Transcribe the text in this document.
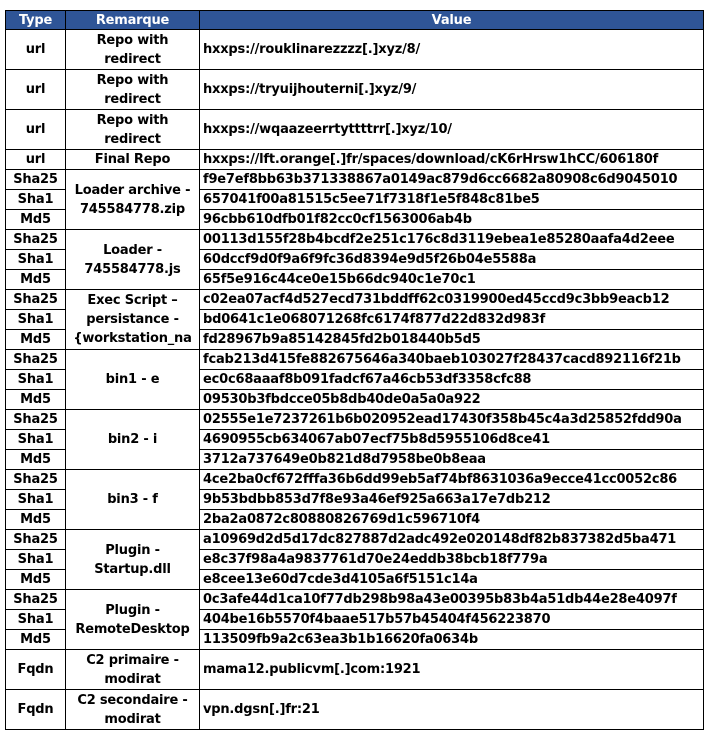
Type	Remarque	Value
url	Repo with redirect	hxxps://rouklinarezzzz[.]xyz/8/
url	Repo with redirect	hxxps://tryuijhouterni[.]xyz/9/
url	Repo with redirect	hxxps://wqaazeerrtyttttrr[.]xyz/10/
url	Final Repo	hxxps://lft.orange[.]fr/spaces/download/cK6rHrsw1hCC/606180f
Sha25	Loader archive - 745584778.zip	f9e7ef8bb63b371338867a0149ac879d6cc6682a80908c6d9045010
Sha1		657041f00a81515c5ee71f7318f1e5f848c81be5
Md5		96cbb610dfb01f82cc0cf1563006ab4b
Sha25	Loader - 745584778.js	00113d155f28b4bcdf2e251c176c8d3119ebea1e85280aafa4d2eee
Sha1		60dccf9d0f9a6f9fc36d8394e9d5f26b04e5588a
Md5		65f5e916c44ce0e15b66dc940c1e70c1
Sha25	Exec Script – persistance - {workstation_na	c02ea07acf4d527ecd731bddff62c0319900ed45ccd9c3bb9eacb12
Sha1		bd0641c1e068071268fc6174f877d22d832d983f
Md5		fd28967b9a85142845fd2b018440b5d5
Sha25	bin1 - e	fcab213d415fe882675646a340baeb103027f28437cacd892116f21b
Sha1		ec0c68aaaf8b091fadcf67a46cb53df3358cfc88
Md5		09530b3fbdcce05b8db40de0a5a0a922
Sha25	bin2 - i	02555e1e7237261b6b020952ead17430f358b45c4a3d25852fdd90a
Sha1		4690955cb634067ab07ecf75b8d5955106d8ce41
Md5		3712a737649e0b821d8d7958be0b8eaa
Sha25	bin3 - f	4ce2ba0cf672fffa36b6dd99eb5af74bf8631036a9ecce41cc0052c86
Sha1		9b53bdbb853d7f8e93a46ef925a663a17e7db212
Md5		2ba2a0872c80880826769d1c596710f4
Sha25	Plugin - Startup.dll	a10969d2d5d17dc827887d2adc492e020148df82b837382d5ba471
Sha1		e8c37f98a4a9837761d70e24eddb38bcb18f779a
Md5		e8cee13e60d7cde3d4105a6f5151c14a
Sha25	Plugin - RemoteDesktop	0c3afe44d1ca10f77db298b98a43e00395b83b4a51db44e28e4097f
Sha1		404be16b5570f4baae517b57b45404f456223870
Md5		113509fb9a2c63ea3b1b16620fa0634b
Fqdn	C2 primaire - modirat	mama12.publicvm[.]com:1921
Fqdn	C2 secondaire - modirat	vpn.dgsn[.]fr:21
